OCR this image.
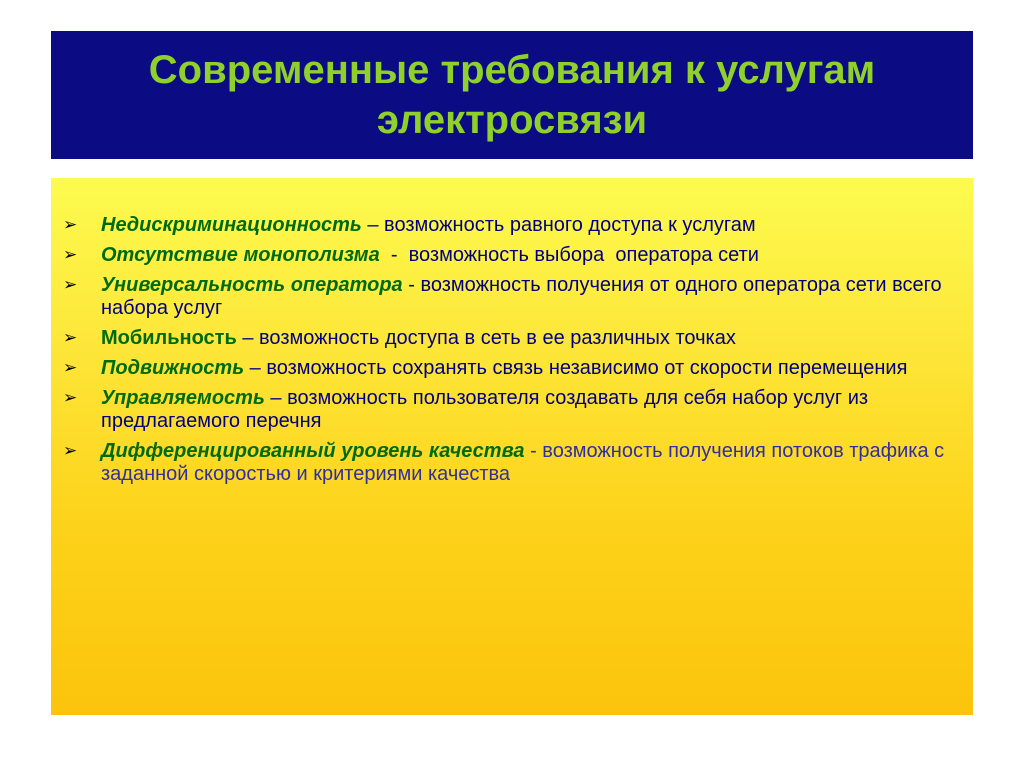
Современные требования к услугам
электросвязи
➢ Недискриминационность – возможность равного доступа к услугам
➢ Отсутствие монополизма  -  возможность выбора  оператора сети
➢ Универсальность оператора - возможность получения от одного оператора сети всего набора услуг
➢ Мобильность – возможность доступа в сеть в ее различных точках
➢ Подвижность – возможность сохранять связь независимо от скорости перемещения
➢ Управляемость – возможность пользователя создавать для себя набор услуг из предлагаемого перечня
➢ Дифференцированный уровень качества - возможность получения потоков трафика с заданной скоростью и критериями качества
